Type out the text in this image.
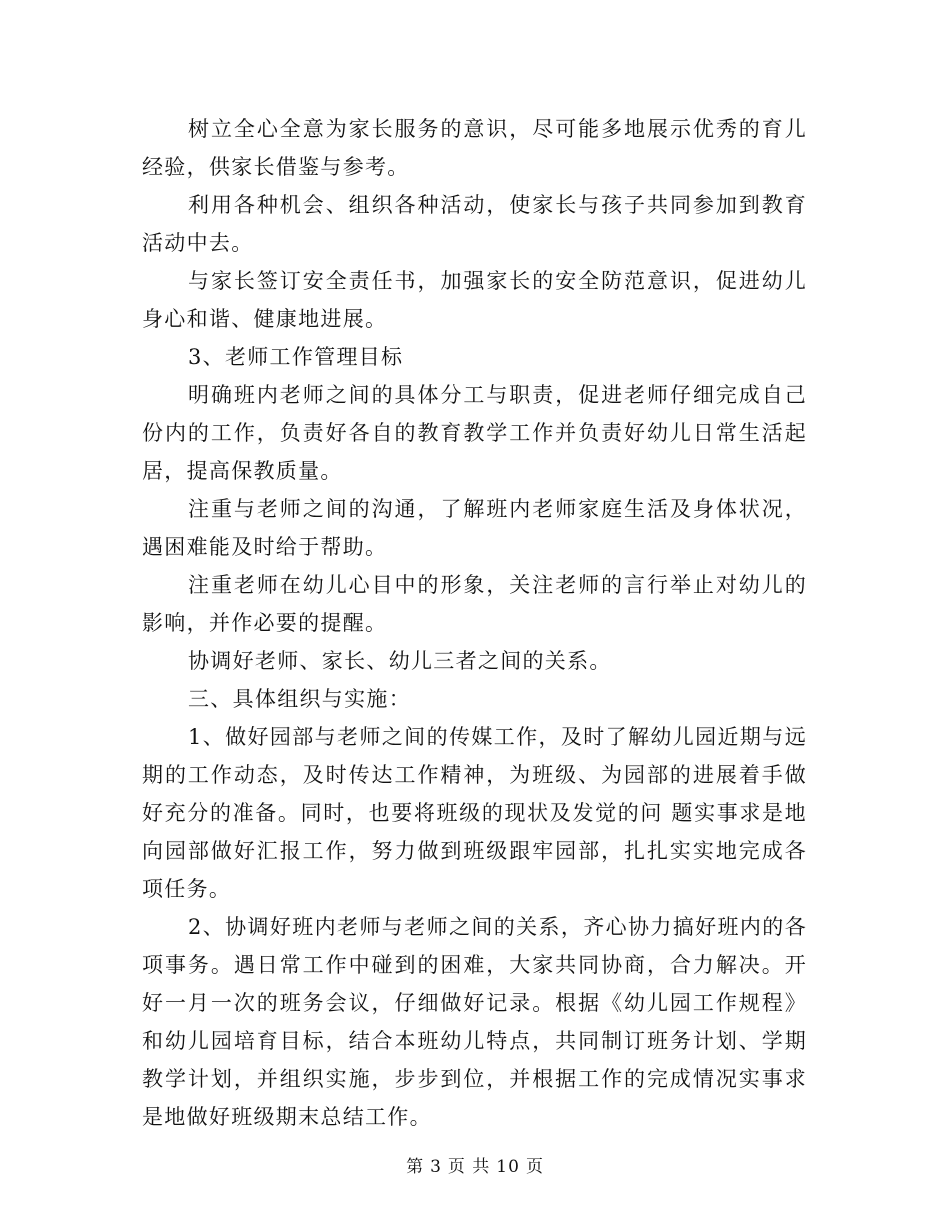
树立全心全意为家长服务的意识，尽可能多地展示优秀的育儿经验，供家长借鉴与参考。

利用各种机会、组织各种活动，使家长与孩子共同参加到教育活动中去。

与家长签订安全责任书，加强家长的安全防范意识，促进幼儿身心和谐、健康地进展。

3、老师工作管理目标

明确班内老师之间的具体分工与职责，促进老师仔细完成自己份内的工作，负责好各自的教育教学工作并负责好幼儿日常生活起居，提高保教质量。

注重与老师之间的沟通，了解班内老师家庭生活及身体状况，遇困难能及时给于帮助。

注重老师在幼儿心目中的形象，关注老师的言行举止对幼儿的影响，并作必要的提醒。

协调好老师、家长、幼儿三者之间的关系。

三、具体组织与实施：

1、做好园部与老师之间的传媒工作，及时了解幼儿园近期与远期的工作动态，及时传达工作精神，为班级、为园部的进展着手做好充分的准备。同时，也要将班级的现状及发觉的问 题实事求是地向园部做好汇报工作，努力做到班级跟牢园部，扎扎实实地完成各项任务。

2、协调好班内老师与老师之间的关系，齐心协力搞好班内的各项事务。遇日常工作中碰到的困难，大家共同协商，合力解决。开好一月一次的班务会议，仔细做好记录。根据《幼儿园工作规程》和幼儿园培育目标，结合本班幼儿特点，共同制订班务计划、学期教学计划，并组织实施，步步到位，并根据工作的完成情况实事求是地做好班级期末总结工作。

第 3 页 共 10 页
